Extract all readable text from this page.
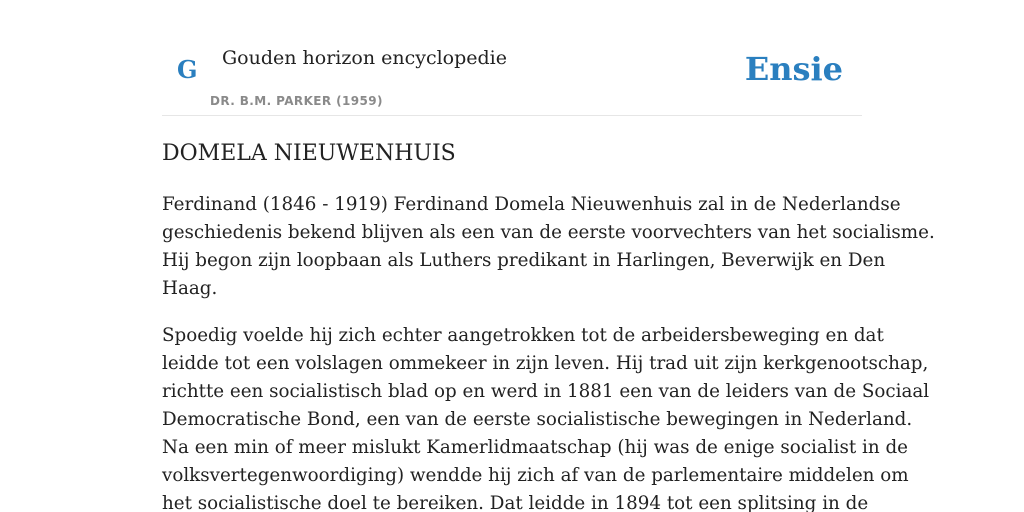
G Gouden horizon encyclopedie
DR. B.M. PARKER (1959)
Ensie
DOMELA NIEUWENHUIS

Ferdinand (1846 - 1919) Ferdinand Domela Nieuwenhuis zal in de Nederlandse
geschiedenis bekend blijven als een van de eerste voorvechters van het socialisme.
Hij begon zijn loopbaan als Luthers predikant in Harlingen, Beverwijk en Den
Haag.

Spoedig voelde hij zich echter aangetrokken tot de arbeidersbeweging en dat
leidde tot een volslagen ommekeer in zijn leven. Hij trad uit zijn kerkgenootschap,
richtte een socialistisch blad op en werd in 1881 een van de leiders van de Sociaal
Democratische Bond, een van de eerste socialistische bewegingen in Nederland.
Na een min of meer mislukt Kamerlidmaatschap (hij was de enige socialist in de
volksvertegenwoordiging) wendde hij zich af van de parlementaire middelen om
het socialistische doel te bereiken. Dat leidde in 1894 tot een splitsing in de
